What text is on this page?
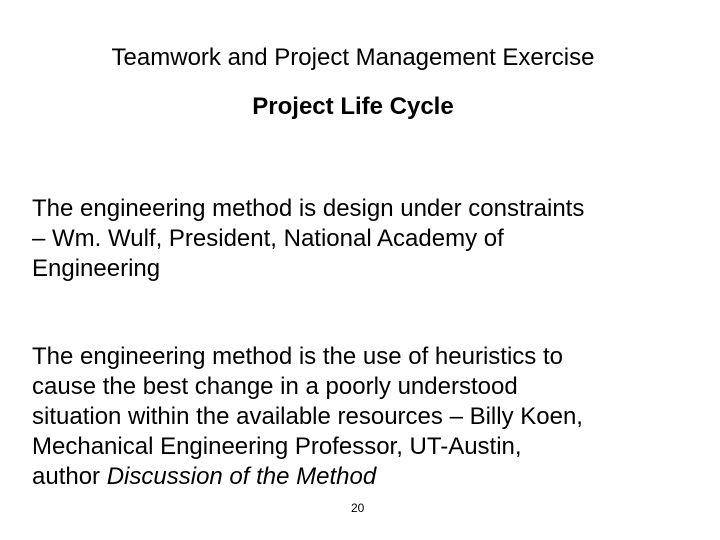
Teamwork and Project Management Exercise
Project Life Cycle
The engineering method is design under constraints
– Wm. Wulf, President, National Academy of
Engineering
The engineering method is the use of heuristics to
cause the best change in a poorly understood
situation within the available resources – Billy Koen,
Mechanical Engineering Professor, UT-Austin,
author Discussion of the Method
20
